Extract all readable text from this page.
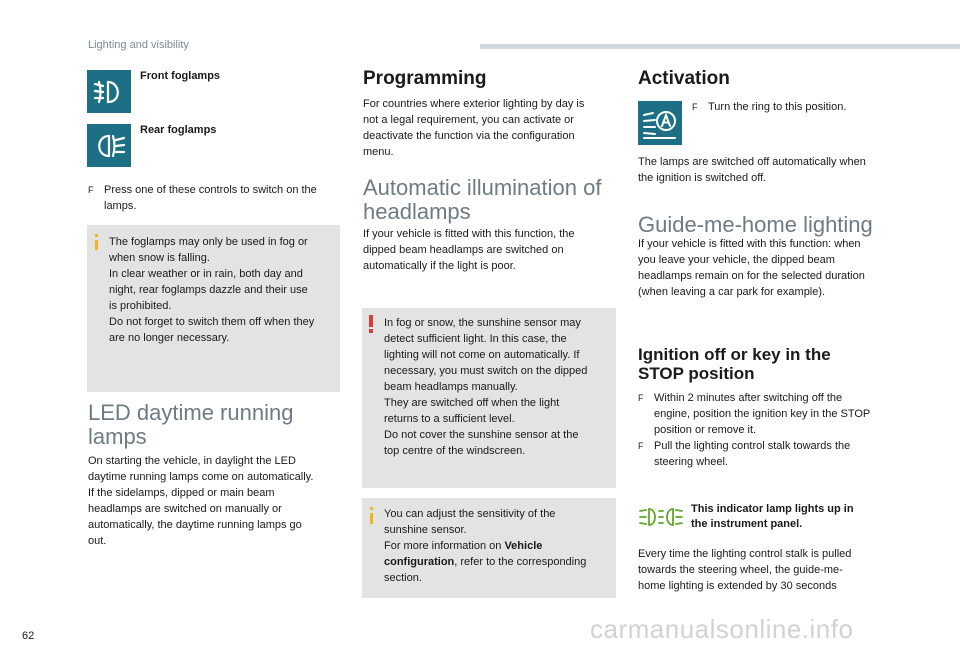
Lighting and visibility
Front foglamps
Rear foglamps
F Press one of these controls to switch on the lamps.
The foglamps may only be used in fog or
when snow is falling.
In clear weather or in rain, both day and
night, rear foglamps dazzle and their use
is prohibited.
Do not forget to switch them off when they
are no longer necessary.
LED daytime running
lamps
On starting the vehicle, in daylight the LED
daytime running lamps come on automatically.
If the sidelamps, dipped or main beam
headlamps are switched on manually or
automatically, the daytime running lamps go
out.
Programming
For countries where exterior lighting by day is
not a legal requirement, you can activate or
deactivate the function via the configuration
menu.
Automatic illumination of
headlamps
If your vehicle is fitted with this function, the
dipped beam headlamps are switched on
automatically if the light is poor.
In fog or snow, the sunshine sensor may
detect sufficient light. In this case, the
lighting will not come on automatically. If
necessary, you must switch on the dipped
beam headlamps manually.
They are switched off when the light
returns to a sufficient level.
Do not cover the sunshine sensor at the
top centre of the windscreen.
You can adjust the sensitivity of the
sunshine sensor.
For more information on Vehicle
configuration, refer to the corresponding
section.
Activation
F Turn the ring to this position.
The lamps are switched off automatically when
the ignition is switched off.
Guide-me-home lighting
If your vehicle is fitted with this function: when
you leave your vehicle, the dipped beam
headlamps remain on for the selected duration
(when leaving a car park for example).
Ignition off or key in the
STOP position
F Within 2 minutes after switching off the
engine, position the ignition key in the STOP
position or remove it.
F Pull the lighting control stalk towards the
steering wheel.
This indicator lamp lights up in
the instrument panel.
Every time the lighting control stalk is pulled
towards the steering wheel, the guide-me-
home lighting is extended by 30 seconds
62	carmanualsonline.info
